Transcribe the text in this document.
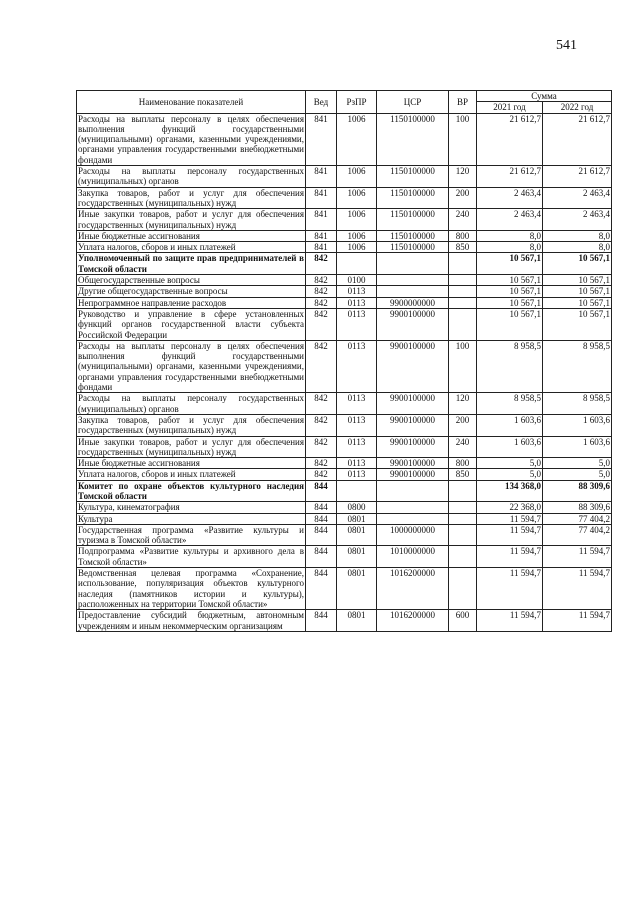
541
Наименование показателей	Вед	РзПР	ЦСР	ВР	Сумма	
					2021 год	2022 год
Расходы на выплаты персоналу в целях обеспечения выполнения функций государственными (муниципальными) органами, казенными учреждениями, органами управления государственными внебюджетными фондами	841	1006	1150100000	100	21 612,7	21 612,7
Расходы на выплаты персоналу государственных (муниципальных) органов	841	1006	1150100000	120	21 612,7	21 612,7
Закупка товаров, работ и услуг для обеспечения государственных (муниципальных) нужд	841	1006	1150100000	200	2 463,4	2 463,4
Иные закупки товаров, работ и услуг для обеспечения государственных (муниципальных) нужд	841	1006	1150100000	240	2 463,4	2 463,4
Иные бюджетные ассигнования	841	1006	1150100000	800	8,0	8,0
Уплата налогов, сборов и иных платежей	841	1006	1150100000	850	8,0	8,0
Уполномоченный по защите прав предпринимателей в Томской области	842				10 567,1	10 567,1
Общегосударственные вопросы	842	0100			10 567,1	10 567,1
Другие общегосударственные вопросы	842	0113			10 567,1	10 567,1
Непрограммное направление расходов	842	0113	9900000000		10 567,1	10 567,1
Руководство и управление в сфере установленных функций органов государственной власти субъекта Российской Федерации	842	0113	9900100000		10 567,1	10 567,1
Расходы на выплаты персоналу в целях обеспечения выполнения функций государственными (муниципальными) органами, казенными учреждениями, органами управления государственными внебюджетными фондами	842	0113	9900100000	100	8 958,5	8 958,5
Расходы на выплаты персоналу государственных (муниципальных) органов	842	0113	9900100000	120	8 958,5	8 958,5
Закупка товаров, работ и услуг для обеспечения государственных (муниципальных) нужд	842	0113	9900100000	200	1 603,6	1 603,6
Иные закупки товаров, работ и услуг для обеспечения государственных (муниципальных) нужд	842	0113	9900100000	240	1 603,6	1 603,6
Иные бюджетные ассигнования	842	0113	9900100000	800	5,0	5,0
Уплата налогов, сборов и иных платежей	842	0113	9900100000	850	5,0	5,0
Комитет по охране объектов культурного наследия Томской области	844				134 368,0	88 309,6
Культура, кинематография	844	0800			22 368,0	88 309,6
Культура	844	0801			11 594,7	77 404,2
Государственная программа «Развитие культуры и туризма в Томской области»	844	0801	1000000000		11 594,7	77 404,2
Подпрограмма «Развитие культуры и архивного дела в Томской области»	844	0801	1010000000		11 594,7	11 594,7
Ведомственная целевая программа «Сохранение, использование, популяризация объектов культурного наследия (памятников истории и культуры), расположенных на территории Томской области»	844	0801	1016200000		11 594,7	11 594,7
Предоставление субсидий бюджетным, автономным учреждениям и иным некоммерческим организациям	844	0801	1016200000	600	11 594,7	11 594,7
